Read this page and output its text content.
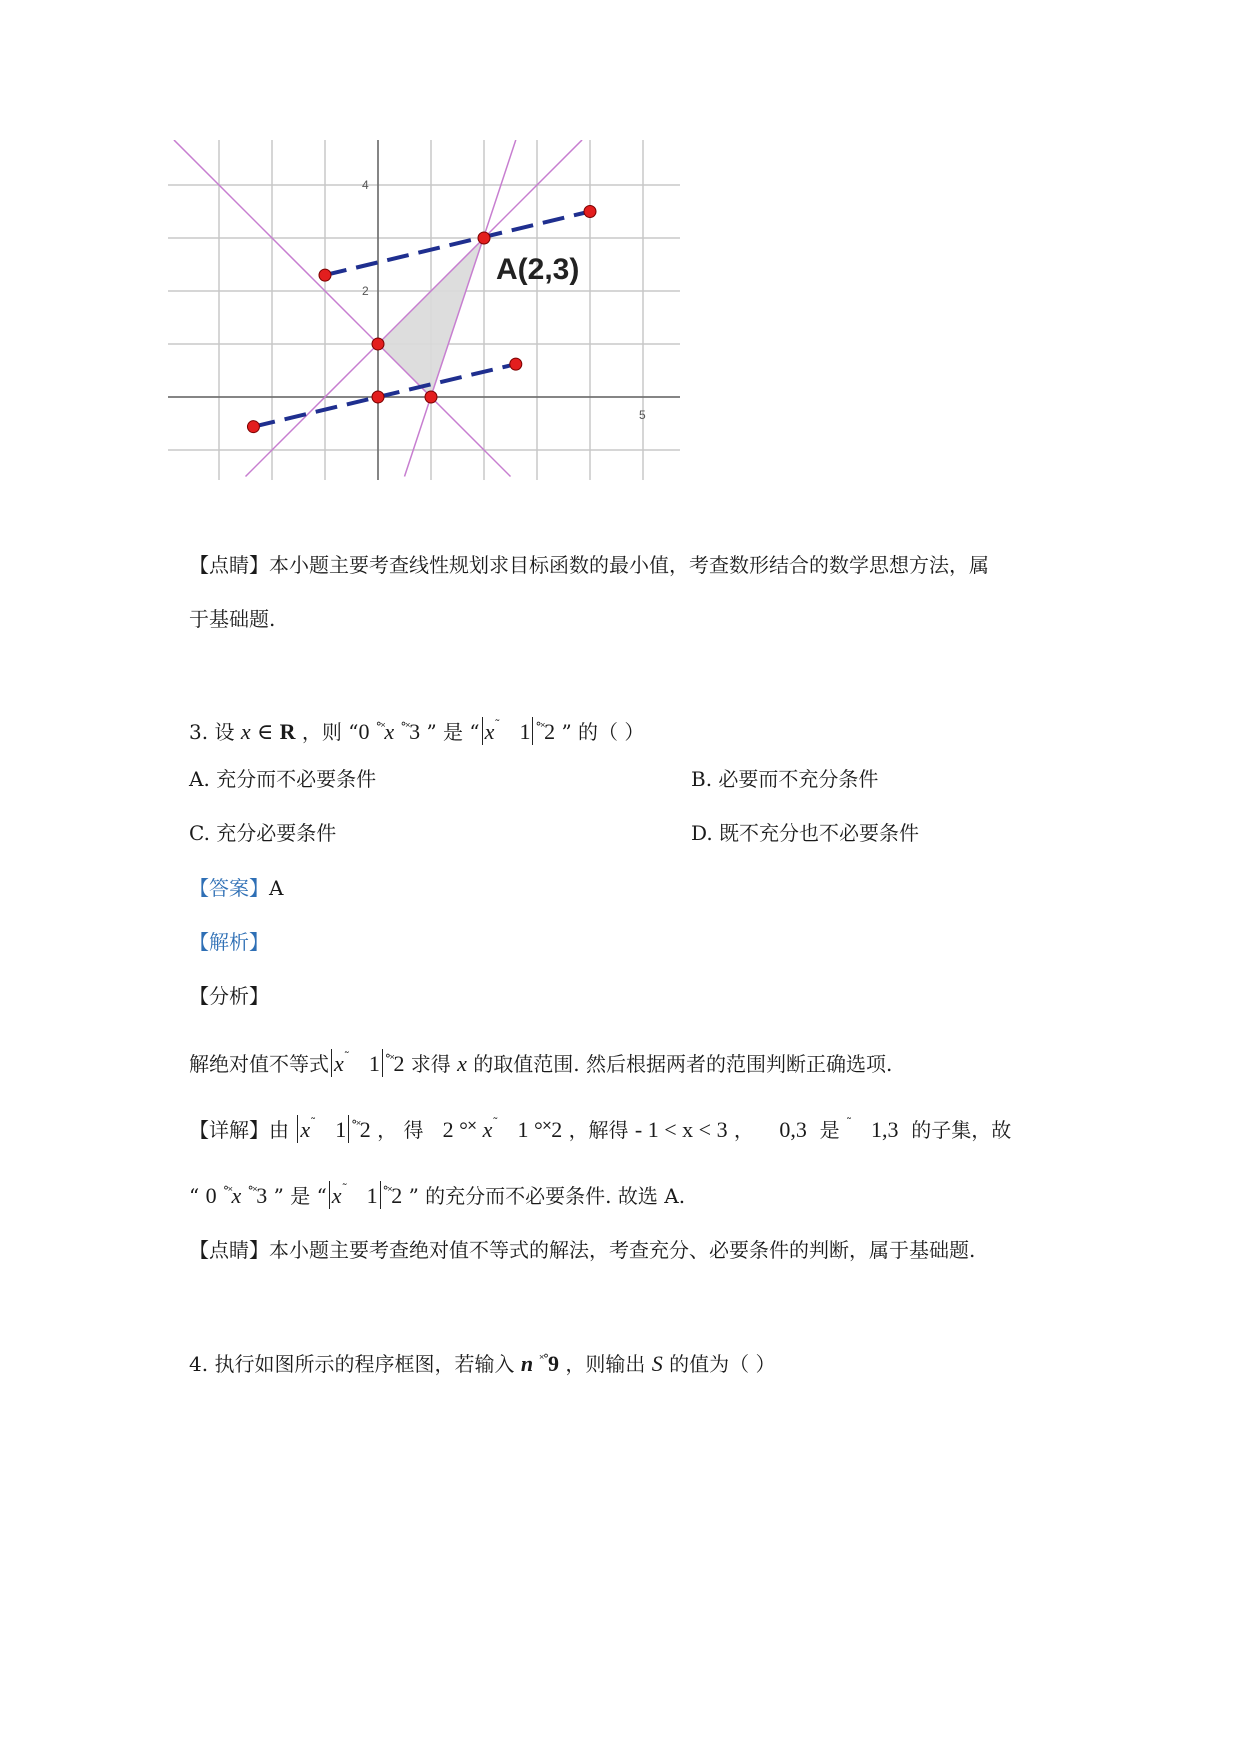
4
2
5
A(2,3)
【点睛】本小题主要考查线性规划求目标函数的最小值，考查数形结合的数学思想方法，属
于基础题.
3. 设 x ∈ R ，则 “0 °˟x °˟3 ” 是 “ x˜ 1 °˟2 ” 的（ ）
A. 充分而不必要条件	B. 必要而不充分条件
C. 充分必要条件	D. 既不充分也不必要条件
【答案】A
【解析】
【分析】
解绝对值不等式 x˜ 1 °˟2 求得 x 的取值范围. 然后根据两者的范围判断正确选项.
【详解】由 x˜ 1 °˟2 ， 得 2 °˟ x˜ 1 °˟2 ，解得 - 1 < x < 3 ，    0,3 是 ˜ 1,3 的子集，故
“ 0 °˟x °˟3 ” 是 “ x˜ 1 °˟2 ” 的充分而不必要条件. 故选 A.
【点睛】本小题主要考查绝对值不等式的解法，考查充分、必要条件的判断，属于基础题.
4. 执行如图所示的程序框图，若输入 n ˟°9 ，则输出 S 的值为（ ）
